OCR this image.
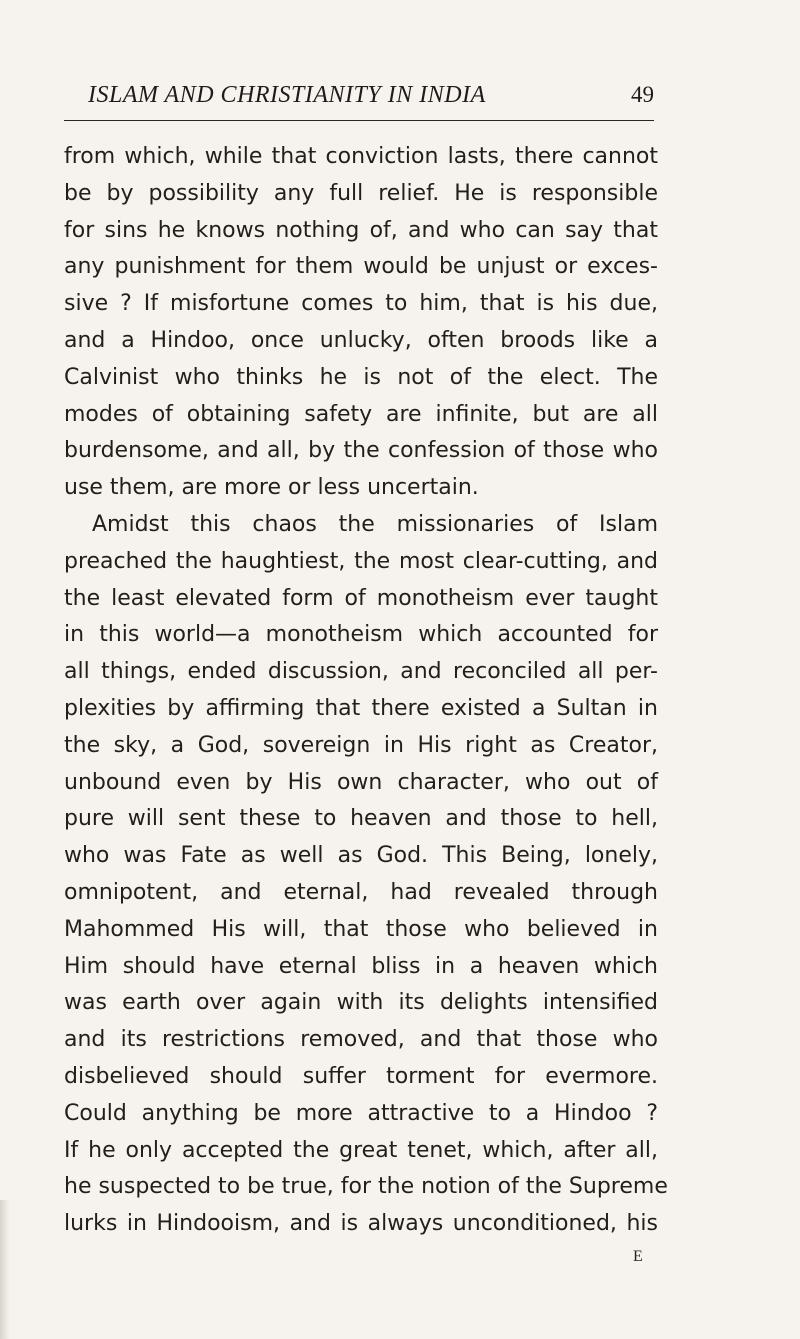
ISLAM AND CHRISTIANITY IN INDIA	49
from which, while that conviction lasts, there cannot
be by possibility any full relief. He is responsible
for sins he knows nothing of, and who can say that
any punishment for them would be unjust or exces-
sive ? If misfortune comes to him, that is his due,
and a Hindoo, once unlucky, often broods like a
Calvinist who thinks he is not of the elect. The
modes of obtaining safety are infinite, but are all
burdensome, and all, by the confession of those who
use them, are more or less uncertain.
Amidst this chaos the missionaries of Islam
preached the haughtiest, the most clear-cutting, and
the least elevated form of monotheism ever taught
in this world—a monotheism which accounted for
all things, ended discussion, and reconciled all per-
plexities by affirming that there existed a Sultan in
the sky, a God, sovereign in His right as Creator,
unbound even by His own character, who out of
pure will sent these to heaven and those to hell,
who was Fate as well as God. This Being, lonely,
omnipotent, and eternal, had revealed through
Mahommed His will, that those who believed in
Him should have eternal bliss in a heaven which
was earth over again with its delights intensified
and its restrictions removed, and that those who
disbelieved should suffer torment for evermore.
Could anything be more attractive to a Hindoo ?
If he only accepted the great tenet, which, after all,
he suspected to be true, for the notion of the Supreme
lurks in Hindooism, and is always unconditioned, his
E
